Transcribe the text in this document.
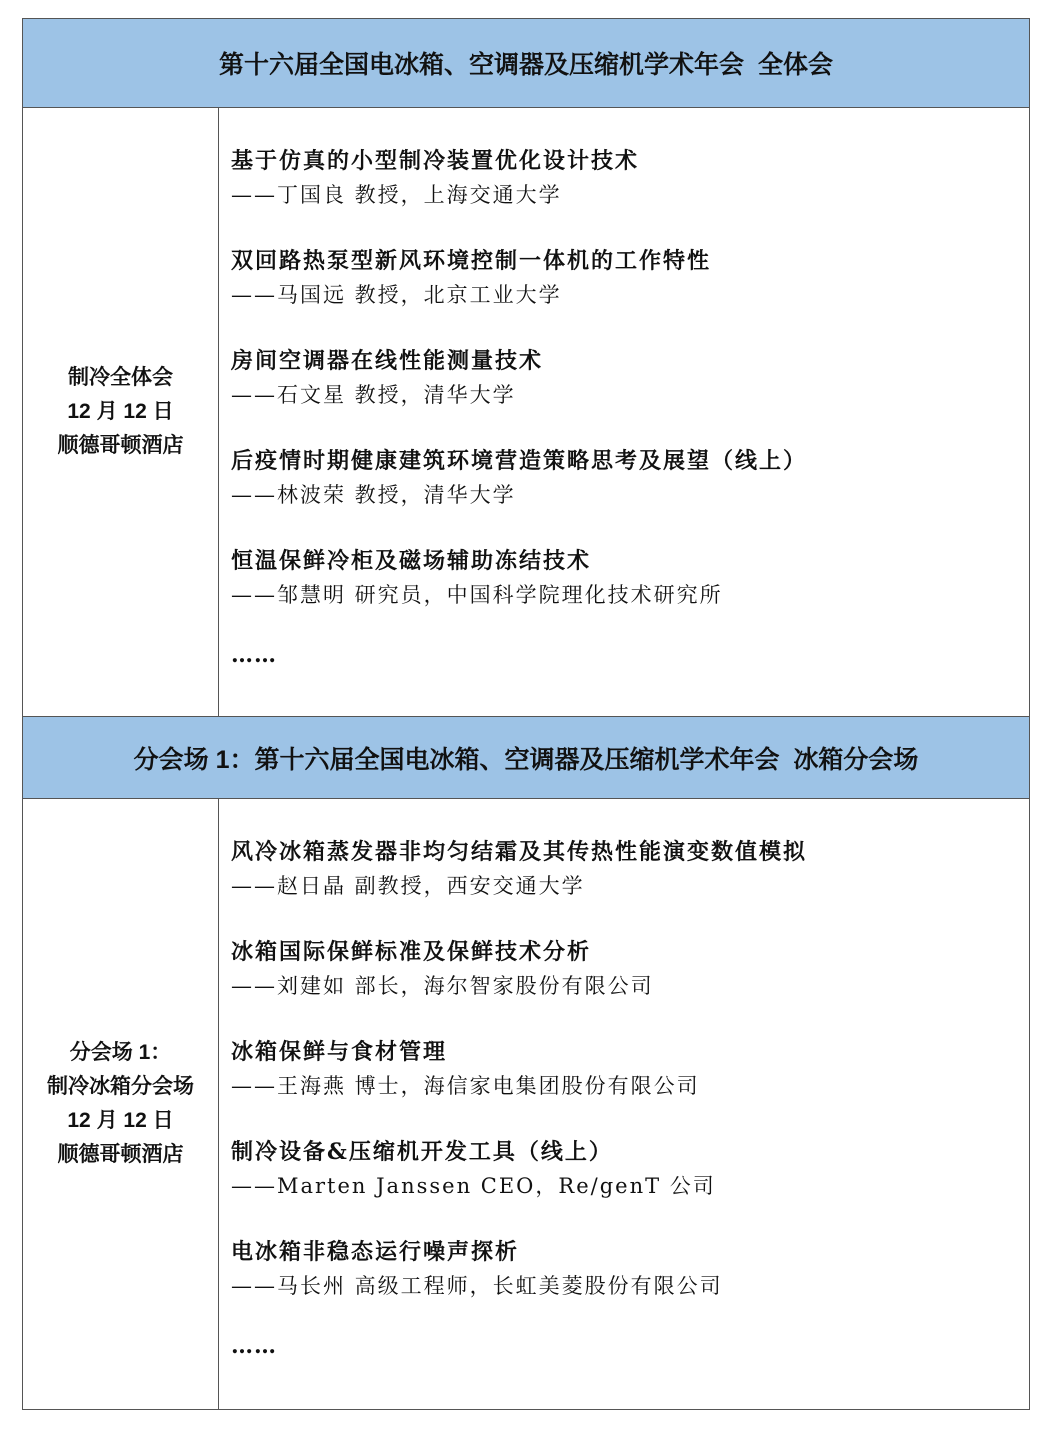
第十六届全国电冰箱、空调器及压缩机学术年会  全体会
制冷全体会
12 月 12 日
顺德哥顿酒店
基于仿真的小型制冷装置优化设计技术
——丁国良 教授，上海交通大学
双回路热泵型新风环境控制一体机的工作特性
——马国远 教授，北京工业大学
房间空调器在线性能测量技术
——石文星 教授，清华大学
后疫情时期健康建筑环境营造策略思考及展望（线上）
——林波荣 教授，清华大学
恒温保鲜冷柜及磁场辅助冻结技术
——邹慧明 研究员，中国科学院理化技术研究所
……
分会场 1：第十六届全国电冰箱、空调器及压缩机学术年会  冰箱分会场
分会场 1：
制冷冰箱分会场
12 月 12 日
顺德哥顿酒店
风冷冰箱蒸发器非均匀结霜及其传热性能演变数值模拟
——赵日晶 副教授，西安交通大学
冰箱国际保鲜标准及保鲜技术分析
——刘建如 部长，海尔智家股份有限公司
冰箱保鲜与食材管理
——王海燕 博士，海信家电集团股份有限公司
制冷设备&压缩机开发工具（线上）
——Marten Janssen CEO，Re/genT 公司
电冰箱非稳态运行噪声探析
——马长州 高级工程师，长虹美菱股份有限公司
……
